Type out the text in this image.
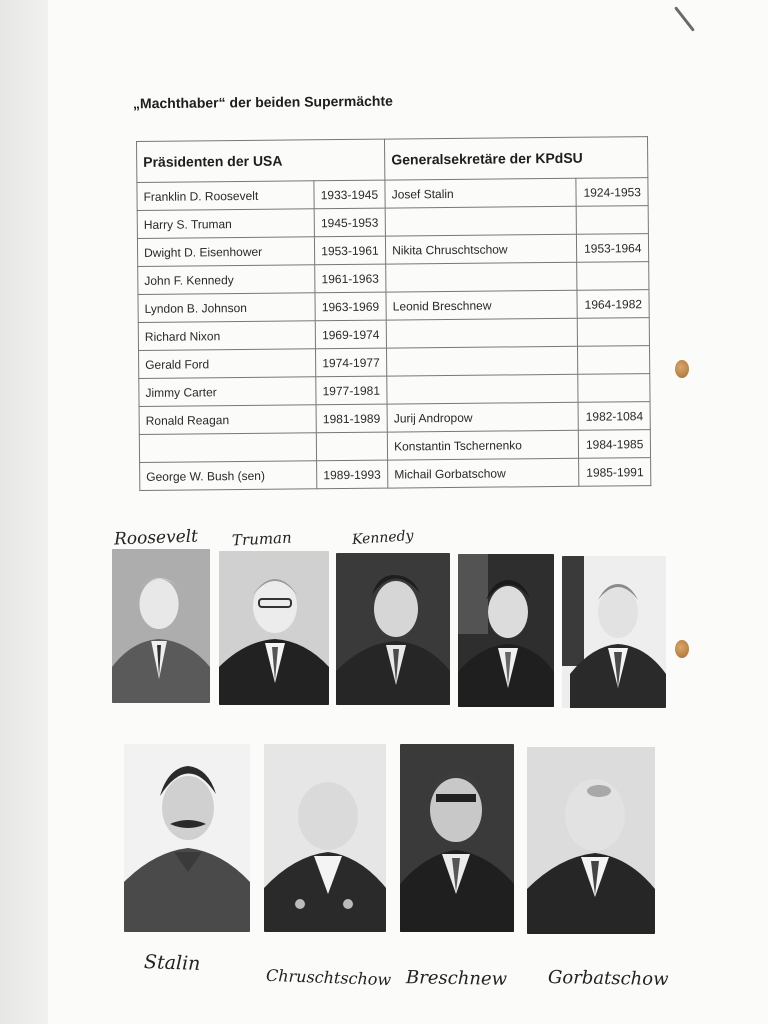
„Machthaber“ der beiden Supermächte
Präsidenten der USA		Generalsekretäre der KPdSU	
Franklin D. Roosevelt	1933-1945	Josef Stalin	1924-1953
Harry S. Truman	1945-1953		
Dwight D. Eisenhower	1953-1961	Nikita Chruschtschow	1953-1964
John F. Kennedy	1961-1963		
Lyndon B. Johnson	1963-1969	Leonid Breschnew	1964-1982
Richard Nixon	1969-1974		
Gerald Ford	1974-1977		
Jimmy Carter	1977-1981		
Ronald Reagan	1981-1989	Jurij Andropow	1982-1084
		Konstantin Tschernenko	1984-1985
George W. Bush (sen)	1989-1993	Michail Gorbatschow	1985-1991
Roosevelt Truman	Kennedy
Stalin
Chruschtschow Breschnew Gorbatschow
